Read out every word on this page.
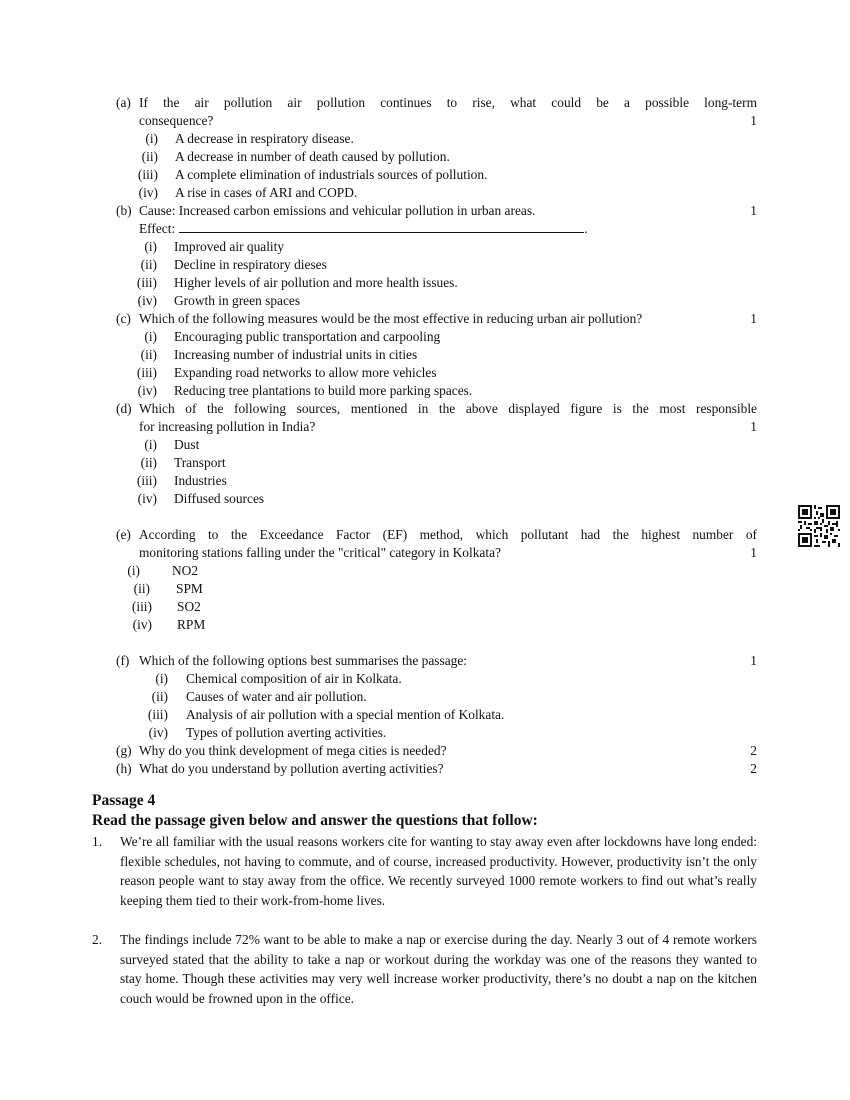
(a) If the air pollution air pollution continues to rise, what could be a possible long-term
consequence?	1
(i) A decrease in respiratory disease.
(ii) A decrease in number of death caused by pollution.
(iii) A complete elimination of industrials sources of pollution.
(iv) A rise in cases of ARI and COPD.
(b) Cause: Increased carbon emissions and vehicular pollution in urban areas.	1
Effect:	.
(i) Improved air quality
(ii) Decline in respiratory dieses
(iii) Higher levels of air pollution and more health issues.
(iv) Growth in green spaces
(c) Which of the following measures would be the most effective in reducing urban air pollution?	1
(i) Encouraging public transportation and carpooling
(ii) Increasing number of industrial units in cities
(iii) Expanding road networks to allow more vehicles
(iv) Reducing tree plantations to build more parking spaces.
(d) Which of the following sources, mentioned in the above displayed figure is the most responsible
for increasing pollution in India?	1
(i) Dust
(ii) Transport
(iii) Industries
(iv) Diffused sources
(e) According to the Exceedance Factor (EF) method, which pollutant had the highest number of
monitoring stations falling under the "critical" category in Kolkata?	1
(i) NO2
(ii) SPM
(iii) SO2
(iv) RPM
(f) Which of the following options best summarises the passage:	1
(i) Chemical composition of air in Kolkata.
(ii) Causes of water and air pollution.
(iii) Analysis of air pollution with a special mention of Kolkata.
(iv) Types of pollution averting activities.
(g) Why do you think development of mega cities is needed?	2
(h) What do you understand by pollution averting activities?	2
Passage 4
Read the passage given below and answer the questions that follow:
1. We’re all familiar with the usual reasons workers cite for wanting to stay away even after lockdowns have long ended: flexible schedules, not having to commute, and of course, increased productivity. However, productivity isn’t the only reason people want to stay away from the office. We recently surveyed 1000 remote workers to find out what’s really keeping them tied to their work-from-home lives.
2. The findings include 72% want to be able to make a nap or exercise during the day. Nearly 3 out of 4 remote workers surveyed stated that the ability to take a nap or workout during the workday was one of the reasons they wanted to stay home. Though these activities may very well increase worker productivity, there’s no doubt a nap on the kitchen couch would be frowned upon in the office.
